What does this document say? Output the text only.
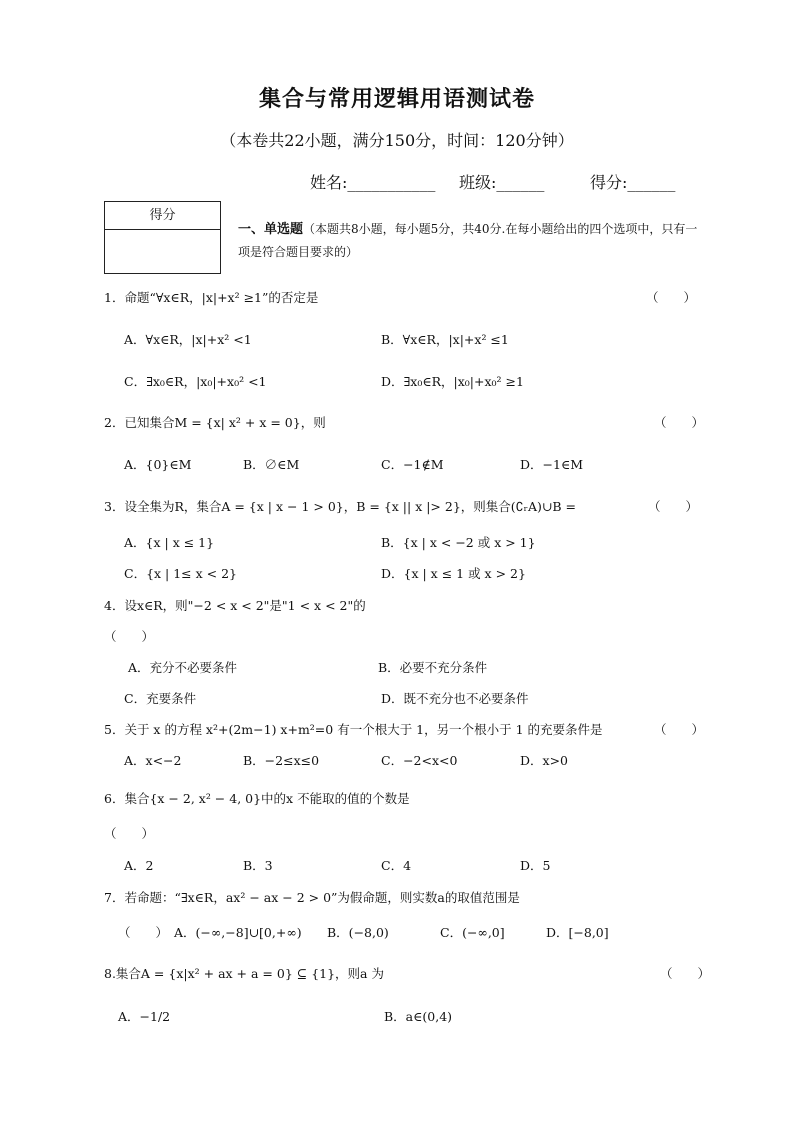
集合与常用逻辑用语测试卷
（本卷共22小题，满分150分，时间：120分钟）
姓名:___________ 班级:______	得分:______
得分
一、单选题（本题共8小题，每小题5分，共40分.在每小题给出的四个选项中，只有一项是符合题目要求的）
1．命题“∀x∈R，|x|+x² ≥1”的否定是	（　　）
A．∀x∈R，|x|+x² <1	B．∀x∈R，|x|+x² ≤1
C．∃x₀∈R，|x₀|+x₀² <1	D．∃x₀∈R，|x₀|+x₀² ≥1
2．已知集合M = {x| x² + x = 0}，则	（　　）
A．{0}∈M	B．∅∈M	C．−1∉M	D．−1∈M
3．设全集为R，集合A = {x | x − 1 > 0}，B = {x || x |> 2}，则集合(∁ᵣA)∪B =	（　　）
A．{x | x ≤ 1}	B．{x | x < −2 或 x > 1}
C．{x | 1≤ x < 2}	D．{x | x ≤ 1 或 x > 2}
4．设x∈R，则"−2 < x < 2"是"1 < x < 2"的
（　　）
A．充分不必要条件	B．必要不充分条件
C．充要条件	D．既不充分也不必要条件
5．关于 x 的方程 x²+(2m−1) x+m²=0 有一个根大于 1，另一个根小于 1 的充要条件是	（　　）
A．x<−2	B．−2≤x≤0	C．−2<x<0	D．x>0
6．集合{x − 2, x² − 4, 0}中的x 不能取的值的个数是
（　　）
A．2	B．3	C．4	D．5
7．若命题：“∃x∈R，ax² − ax − 2 > 0”为假命题，则实数a的取值范围是
（　　） A．(−∞,−8]∪[0,+∞) B．(−8,0)	C．(−∞,0]	D．[−8,0]
8.集合A = {x|x² + ax + a = 0} ⊆ {1}，则a 为	（　　）
A．−1/2	B．a∈(0,4)
